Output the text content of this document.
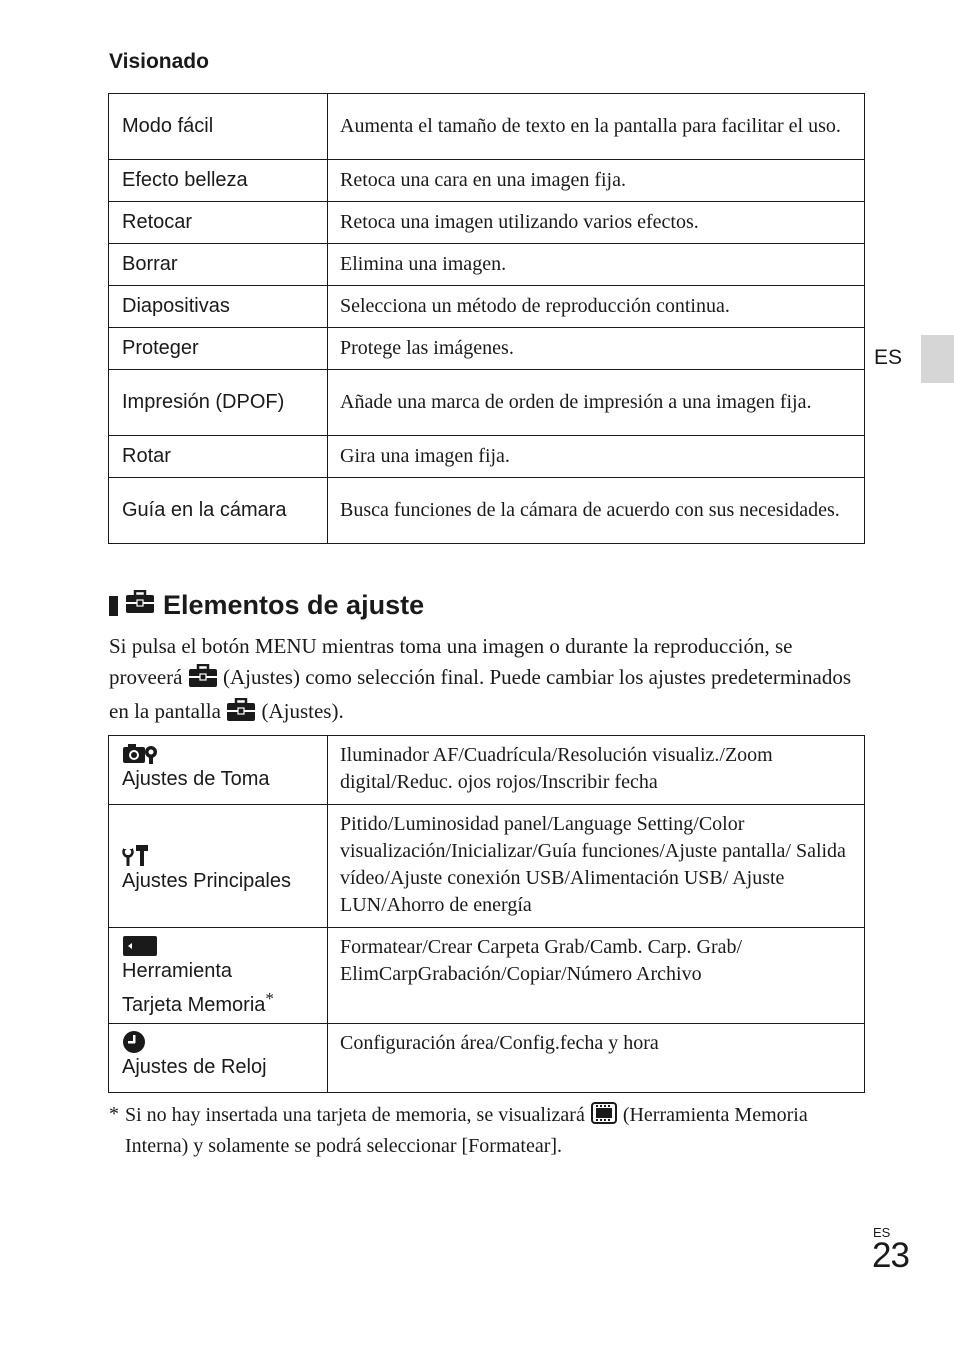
Visionado
Modo fácil	Aumenta el tamaño de texto en la pantalla para facilitar el uso.
Efecto belleza	Retoca una cara en una imagen fija.
Retocar	Retoca una imagen utilizando varios efectos.
Borrar	Elimina una imagen.
Diapositivas	Selecciona un método de reproducción continua.
Proteger	Protege las imágenes.
Impresión (DPOF)	Añade una marca de orden de impresión a una imagen fija.
Rotar	Gira una imagen fija.
Guía en la cámara	Busca funciones de la cámara de acuerdo con sus necesidades.
ES
Elementos de ajuste
Si pulsa el botón MENU mientras toma una imagen o durante la reproducción, se proveerá (Ajustes) como selección final. Puede cambiar los ajustes predeterminados en la pantalla (Ajustes).
Ajustes de Toma	Iluminador AF/Cuadrícula/Resolución visualiz./Zoom digital/Reduc. ojos rojos/Inscribir fecha

Ajustes Principales	Pitido/Luminosidad panel/Language Setting/Color visualización/Inicializar/Guía funciones/Ajuste pantalla/ Salida vídeo/Ajuste conexión USB/Alimentación USB/ Ajuste LUN/Ahorro de energía

Herramienta
Tarjeta Memoria*	Formatear/Crear Carpeta Grab/Camb. Carp. Grab/ ElimCarpGrabación/Copiar/Número Archivo

Ajustes de Reloj	Configuración área/Config.fecha y hora
* Si no hay insertada una tarjeta de memoria, se visualizará (Herramienta Memoria Interna) y solamente se podrá seleccionar [Formatear].
ES
23
